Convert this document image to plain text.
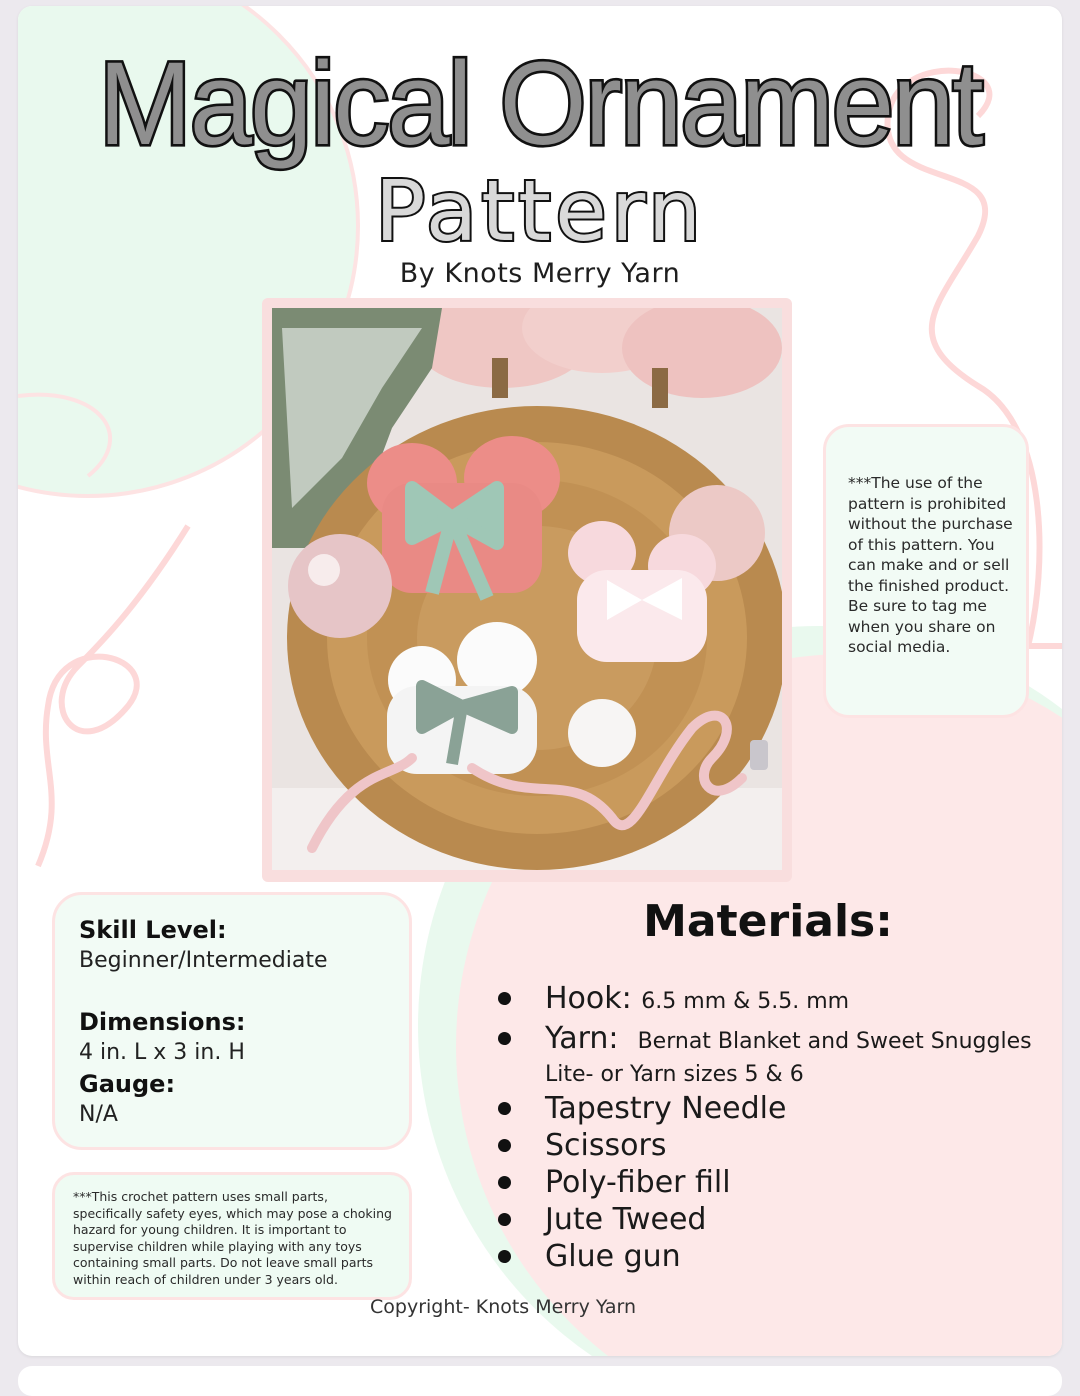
Magical Ornament
Pattern
By Knots Merry Yarn
***The use of the pattern is prohibited without the purchase of this pattern. You can make and or sell the finished product. Be sure to tag me when you share on social media.
Skill Level:
Beginner/Intermediate
Dimensions:
4 in. L x 3 in. H
Gauge:
N/A
***This crochet pattern uses small parts, specifically safety eyes, which may pose a choking hazard for young children. It is important to supervise children while playing with any toys containing small parts. Do not leave small parts within reach of children under 3 years old.
Materials:
Hook: 6.5 mm & 5.5. mm
Yarn: Bernat Blanket and Sweet Snuggles
Lite- or Yarn sizes 5 & 6
Tapestry Needle
Scissors
Poly-fiber fill
Jute Tweed
Glue gun
Copyright- Knots Merry Yarn
